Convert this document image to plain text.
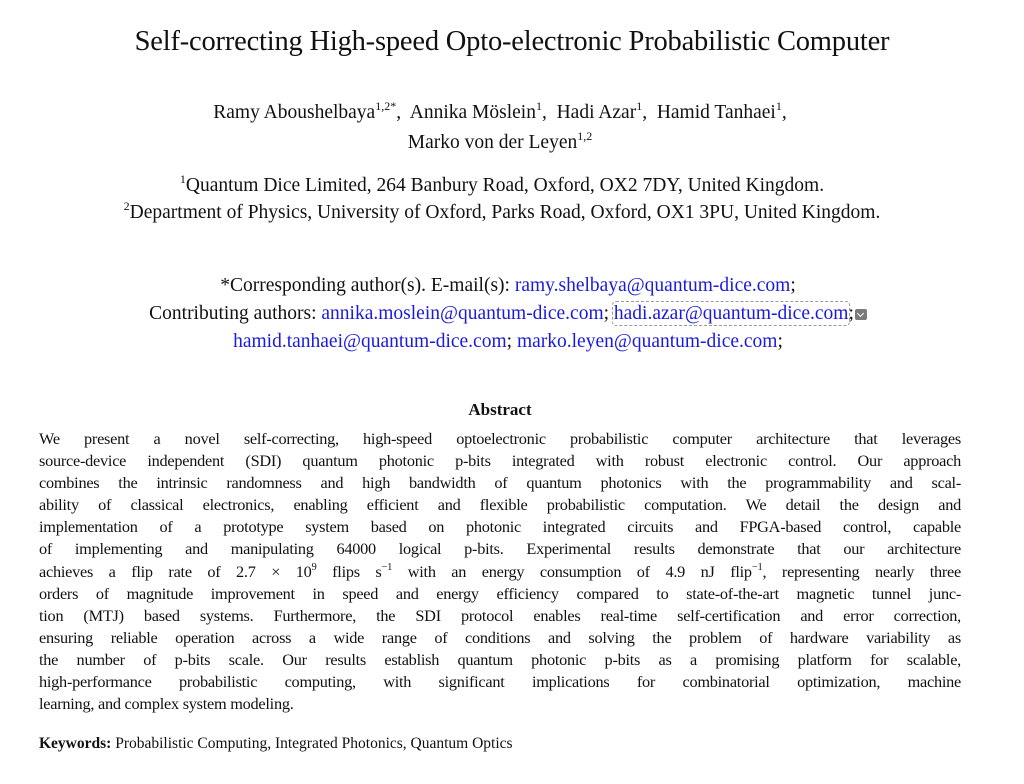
Self-correcting High-speed Opto-electronic Probabilistic Computer
Ramy Aboushelbaya$^{1,2*}$,  Annika Möslein$^1$,  Hadi Azar$^1$,  Hamid Tanhaei$^1$,
Marko von der Leyen$^{1,2}$
$^1$Quantum Dice Limited, 264 Banbury Road, Oxford, OX2 7DY, United Kingdom.
$^2$Department of Physics, University of Oxford, Parks Road, Oxford, OX1 3PU, United Kingdom.
*Corresponding author(s). E-mail(s): ramy.shelbaya@quantum-dice.com;
Contributing authors: annika.moslein@quantum-dice.com; hadi.azar@quantum-dice.com;
hamid.tanhaei@quantum-dice.com; marko.leyen@quantum-dice.com;
Abstract
We present a novel self-correcting, high-speed optoelectronic probabilistic computer architecture that leverages
source-device independent (SDI) quantum photonic p-bits integrated with robust electronic control. Our approach
combines the intrinsic randomness and high bandwidth of quantum photonics with the programmability and scal-
ability of classical electronics, enabling efficient and flexible probabilistic computation. We detail the design and
implementation of a prototype system based on photonic integrated circuits and FPGA-based control, capable
of implementing and manipulating 64000 logical p-bits. Experimental results demonstrate that our architecture
achieves a flip rate of $2.7 \times 10^9$ flips $s^{-1}$ with an energy consumption of 4.9 nJ flip$^{-1}$, representing nearly three
orders of magnitude improvement in speed and energy efficiency compared to state-of-the-art magnetic tunnel junc-
tion (MTJ) based systems. Furthermore, the SDI protocol enables real-time self-certification and error correction,
ensuring reliable operation across a wide range of conditions and solving the problem of hardware variability as
the number of p-bits scale. Our results establish quantum photonic p-bits as a promising platform for scalable,
high-performance probabilistic computing, with significant implications for combinatorial optimization, machine
learning, and complex system modeling.
Keywords: Probabilistic Computing, Integrated Photonics, Quantum Optics
